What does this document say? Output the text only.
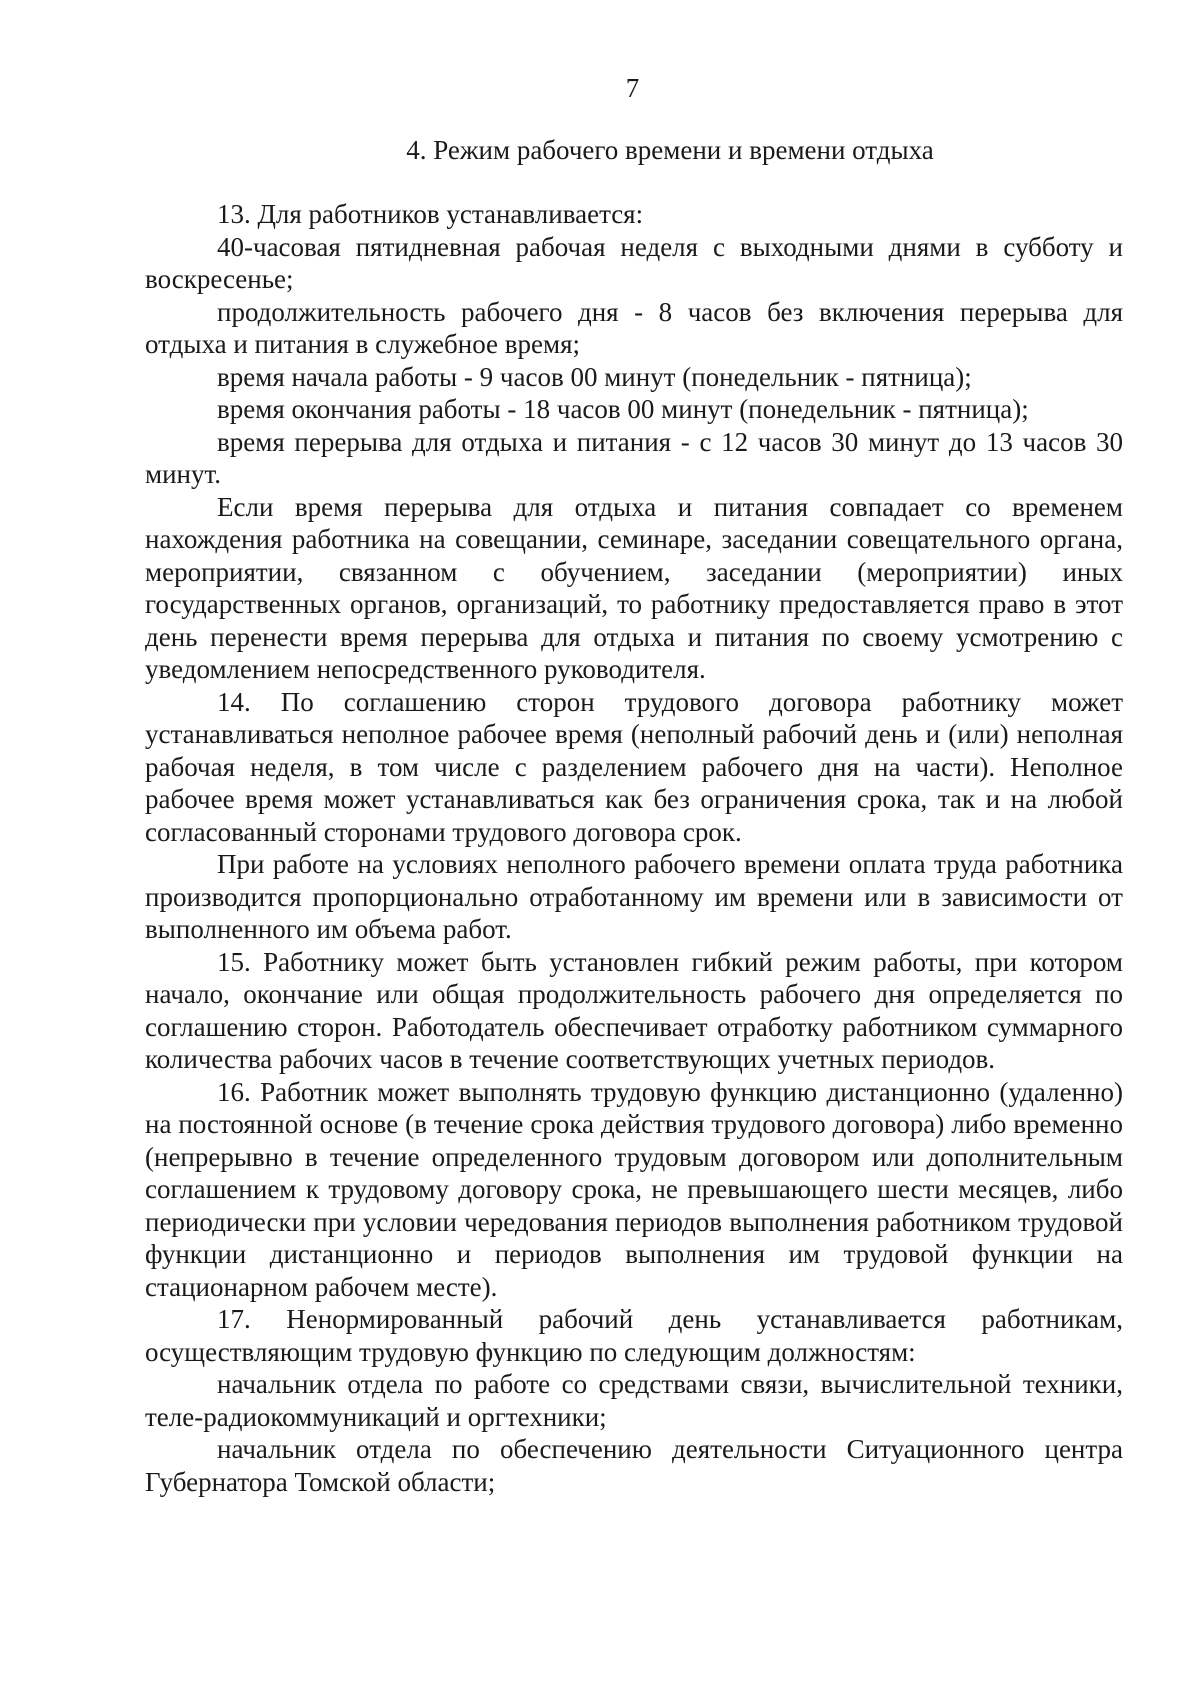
7
4. Режим рабочего времени и времени отдыха

13. Для работников устанавливается:

40-часовая пятидневная рабочая неделя с выходными днями в субботу и воскресенье;

продолжительность рабочего дня - 8 часов без включения перерыва для отдыха и питания в служебное время;

время начала работы - 9 часов 00 минут (понедельник - пятница);

время окончания работы - 18 часов 00 минут (понедельник - пятница);

время перерыва для отдыха и питания - с 12 часов 30 минут до 13 часов 30 минут.

Если время перерыва для отдыха и питания совпадает со временем нахождения работника на совещании, семинаре, заседании совещательного органа, мероприятии, связанном с обучением, заседании (мероприятии) иных государственных органов, организаций, то работнику предоставляется право в этот день перенести время перерыва для отдыха и питания по своему усмотрению с уведомлением непосредственного руководителя.

14. По соглашению сторон трудового договора работнику может устанавливаться неполное рабочее время (неполный рабочий день и (или) неполная рабочая неделя, в том числе с разделением рабочего дня на части). Неполное рабочее время может устанавливаться как без ограничения срока, так и на любой согласованный сторонами трудового договора срок.

При работе на условиях неполного рабочего времени оплата труда работника производится пропорционально отработанному им времени или в зависимости от выполненного им объема работ.

15. Работнику может быть установлен гибкий режим работы, при котором начало, окончание или общая продолжительность рабочего дня определяется по соглашению сторон. Работодатель обеспечивает отработку работником суммарного количества рабочих часов в течение соответствующих учетных периодов.

16. Работник может выполнять трудовую функцию дистанционно (удаленно) на постоянной основе (в течение срока действия трудового договора) либо временно (непрерывно в течение определенного трудовым договором или дополнительным соглашением к трудовому договору срока, не превышающего шести месяцев, либо периодически при условии чередования периодов выполнения работником трудовой функции дистанционно и периодов выполнения им трудовой функции на стационарном рабочем месте).

17. Ненормированный рабочий день устанавливается работникам, осуществляющим трудовую функцию по следующим должностям:

начальник отдела по работе со средствами связи, вычислительной техники, теле-радиокоммуникаций и оргтехники;

начальник отдела по обеспечению деятельности Ситуационного центра Губернатора Томской области;
